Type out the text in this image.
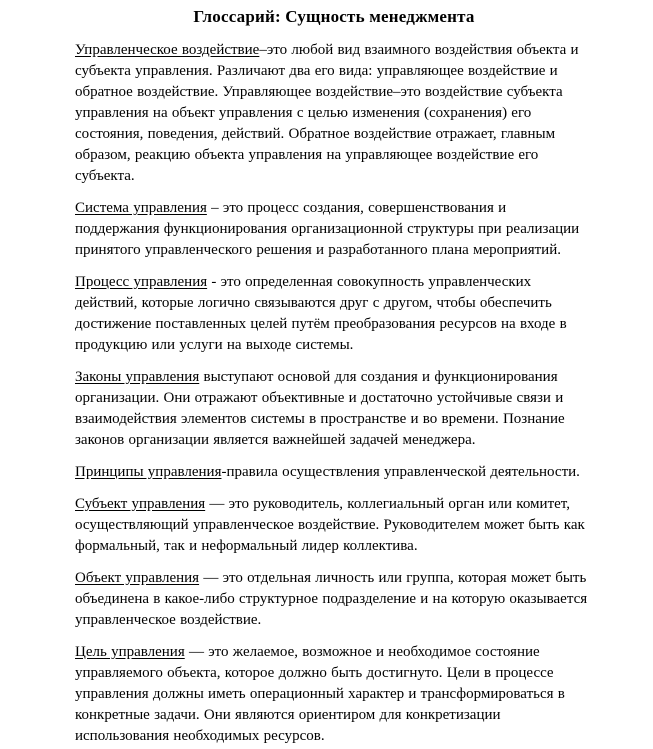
Глоссарий: Сущность менеджмента

Управленческое воздействие–это любой вид взаимного воздействия объекта и субъекта управления. Различают два его вида: управляющее воздействие и обратное воздействие. Управляющее воздействие–это воздействие субъекта управления на объект управления с целью изменения (сохранения) его состояния, поведения, действий. Обратное воздействие отражает, главным образом, реакцию объекта управления на управляющее воздействие его субъекта.

Система управления – это процесс создания, совершенствования и поддержания функционирования организационной структуры при реализации принятого управленческого решения и разработанного плана мероприятий.

Процесс управления - это определенная совокупность управленческих действий, которые логично связываются друг с другом, чтобы обеспечить достижение поставленных целей путём преобразования ресурсов на входе в продукцию или услуги на выходе системы.

Законы управления выступают основой для создания и функционирования организации. Они отражают объективные и достаточно устойчивые связи и взаимодействия элементов системы в пространстве и во времени. Познание законов организации является важнейшей задачей менеджера.

Принципы управления-правила осуществления управленческой деятельности.

Субъект управления — это руководитель, коллегиальный орган или комитет, осуществляющий управленческое воздействие. Руководителем может быть как формальный, так и неформальный лидер коллектива.

Объект управления — это отдельная личность или группа, которая может быть объединена в какое-либо структурное подразделение и на которую оказывается управленческое воздействие.

Цель управления — это желаемое, возможное и необходимое состояние управляемого объекта, которое должно быть достигнуто. Цели в процессе управления должны иметь операционный характер и трансформироваться в конкретные задачи. Они являются ориентиром для конкретизации использования необходимых ресурсов.
